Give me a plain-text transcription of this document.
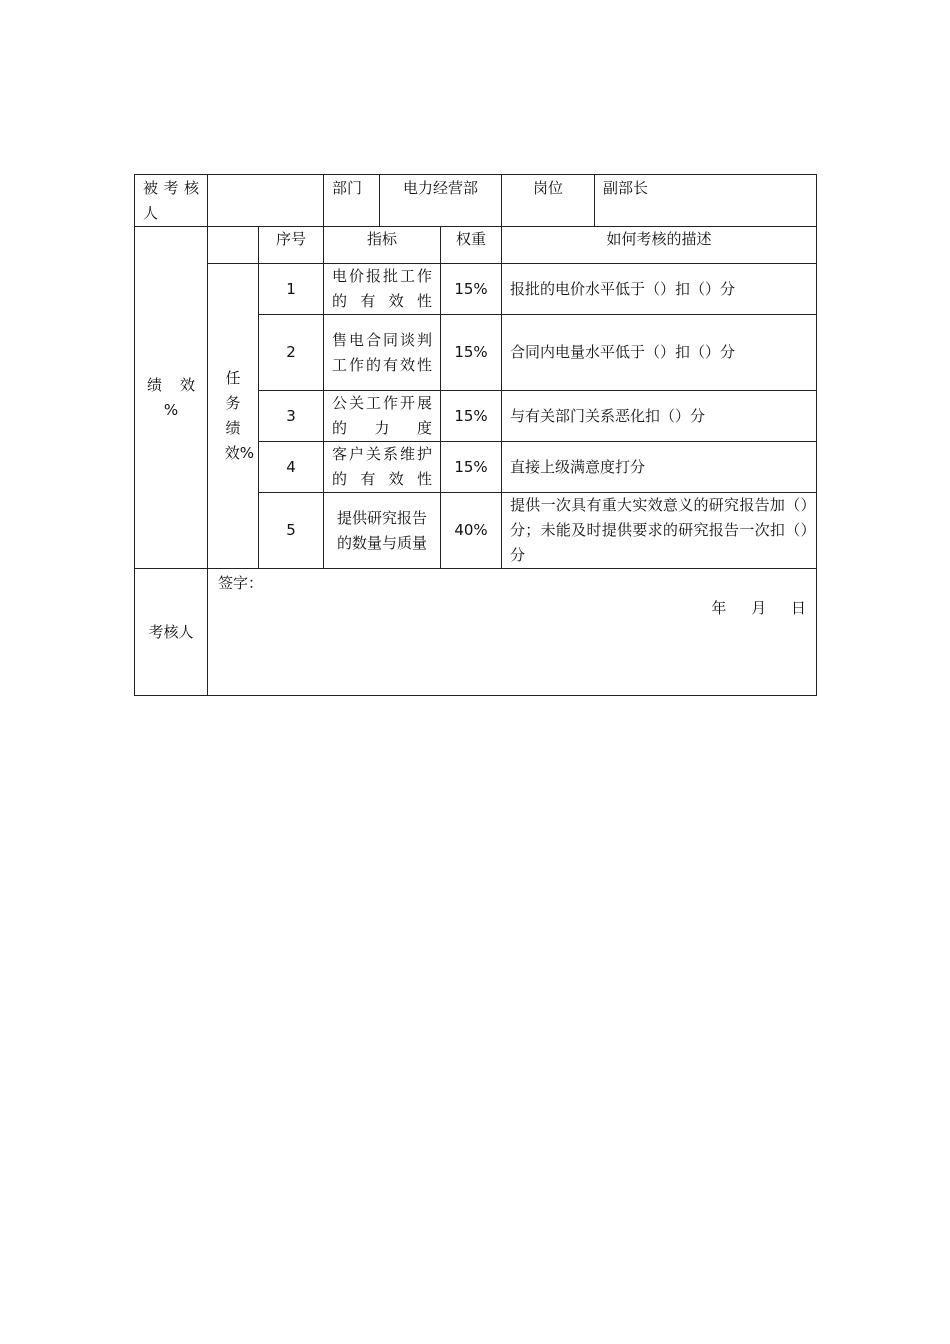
被考核人			部门	电力经营部		岗位	副部长

绩 效
%		序号	指标		权重	如何考核的描述	
	任务绩效%	1	电价报批工作的有效性		15%	报批的电价水平低于（）扣（）分	
		2	售电合同谈判工作的有效性		15%	合同内电量水平低于（）扣（）分	
		3	公关工作开展的力度		15%	与有关部门关系恶化扣（）分	
		4	客户关系维护的有效性		15%	直接上级满意度打分	
		5	提供研究报告的数量与质量		40%	提供一次具有重大实效意义的研究报告加（）分；未能及时提供要求的研究报告一次扣（）分	
考核人	签字：
年 月 日						
